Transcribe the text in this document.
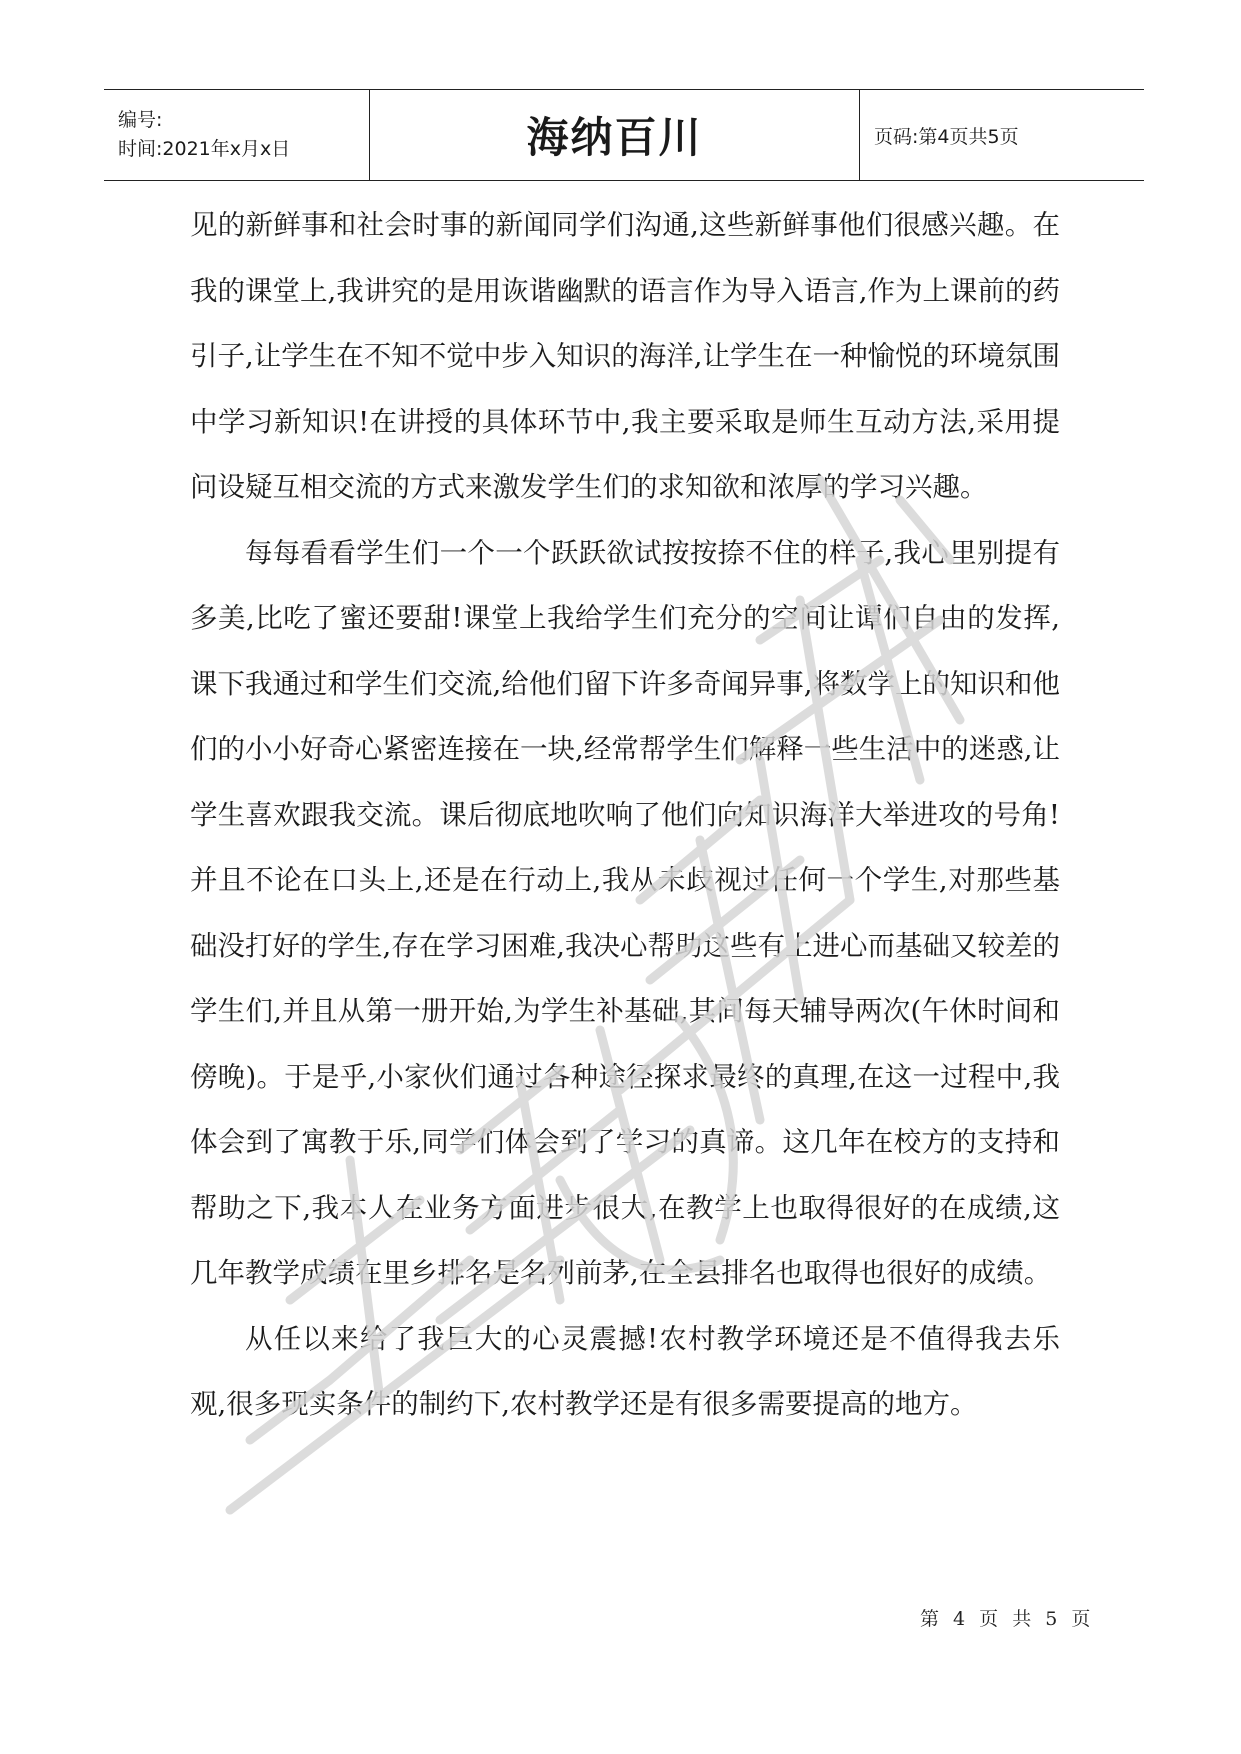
编号:
时间:2021年x月x日	海纳百川	页码:第4页共5页

见的新鲜事和社会时事的新闻同学们沟通,这些新鲜事他们很感兴趣。在我的课堂上,我讲究的是用诙谐幽默的语言作为导入语言,作为上课前的药引子,让学生在不知不觉中步入知识的海洋,让学生在一种愉悦的环境氛围中学习新知识!在讲授的具体环节中,我主要采取是师生互动方法,采用提问设疑互相交流的方式来激发学生们的求知欲和浓厚的学习兴趣。

每每看看学生们一个一个跃跃欲试按按捺不住的样子,我心里别提有多美,比吃了蜜还要甜!课堂上我给学生们充分的空间让谭们自由的发挥,课下我通过和学生们交流,给他们留下许多奇闻异事,将数学上的知识和他们的小小好奇心紧密连接在一块,经常帮学生们解释一些生活中的迷惑,让学生喜欢跟我交流。课后彻底地吹响了他们向知识海洋大举进攻的号角!并且不论在口头上,还是在行动上,我从未歧视过任何一个学生,对那些基础没打好的学生,存在学习困难,我决心帮助这些有上进心而基础又较差的学生们,并且从第一册开始,为学生补基础,其间每天辅导两次(午休时间和傍晚)。于是乎,小家伙们通过各种途径探求最终的真理,在这一过程中,我体会到了寓教于乐,同学们体会到了学习的真谛。这几年在校方的支持和帮助之下,我本人在业务方面进步很大,在教学上也取得很好的在成绩,这几年教学成绩在里乡排名是名列前茅,在全县排名也取得也很好的成绩。

从任以来给了我巨大的心灵震撼!农村教学环境还是不值得我去乐观,很多现实条件的制约下,农村教学还是有很多需要提高的地方。

第 4 页 共 5 页
